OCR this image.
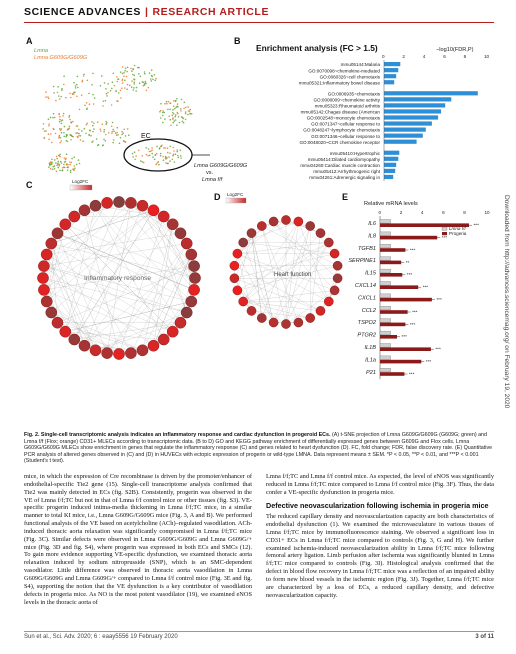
SCIENCE ADVANCES | RESEARCH ARTICLE
Downloaded from http://advances.sciencemag.org/ on February 19, 2020
A
Lmna
Lmna G609G/G609G
EC
Lmna G609G/G609G
vs.
Lmna f/f
B
Enrichment analysis (FC > 1.5)	−log10(FDR,P)
0	2	4	6	8	10
mmu05144:Malaria
GO:0070098~chemokine-mediated
GO:0060326~cell chemotaxis
mmu05321:Inflammatory bowel disease
GO:0006935~chemotaxis
GO:0008009~chemokine activity
mmu05323:Rheumatoid arthritis
mmu05142:Chagas disease (American
GO:0002548~monocyte chemotaxis
GO:0071347~cellular response to
GO:0048247~lymphocyte chemotaxis
GO:0071346~cellular response to
GO:0048020~CCR chemokine receptor
mmu05410:Hypertrophic
mmu05414:Dilated cardiomyopathy
mmu04260:Cardiac muscle contraction
mmu05412:Arrhythmogenic right
mmu04261:Adrenergic signaling in
C	Log2FC
Inflammatory response
D Log2FC
Heart function
E
Relative mRNA levels
0	2	4	6	8	10
IL6	***
IL8	***
TGFB1	***
SERPINE1	**
IL15	***
CXCL14	***
CXCL1	***
CCL2	***
TSPO2	***
PTGR2	***
IL1B	***
IL1a	***
P21	***
Lmna f/f
Progeria
Fig. 2. Single-cell transcriptomic analysis indicates an inflammatory response and cardiac dysfunction in progeroid ECs. (A) t-SNE projection of Lmna G609G/G609G (G609G; green) and Lmna f/f (Flox; orange) CD31+ MLECs according to transcriptomic data. (B to D) GO and KEGG pathway enrichment of differentially expressed genes between G609G and Flox cells. Lmna G609G/G609G MLECs show enrichment in genes that regulate the inflammatory response (C) and genes related to heart dysfunction (D). FC, fold change; FDR, false discovery rate. (E) Quantitative PCR analysis of altered genes observed in (C) and (D) in HUVECs with ectopic expression of progerin or wild-type LMNA. Data represent means ± SEM. *P < 0.05, **P < 0.01, and ***P < 0.001 (Student’s t test).

mice, in which the expression of Cre recombinase is driven by the promoter/enhancer of endothelial-specific Tie2 gene (15). Single-cell transcriptome analysis confirmed that Tie2 was mainly detected in ECs (fig. S2B). Consistently, progerin was observed in the VE of Lmna f/f;TC but not in that of Lmna f/f control mice or other tissues (fig. S3). VE-specific progerin induced intima-media thickening in Lmna f/f;TC mice, in a similar manner to total KI mice, i.e., Lmna G609G/G609G mice (Fig. 3, A and B). We performed functional analysis of the VE based on acetylcholine (ACh)–regulated vasodilation. ACh-induced thoracic aorta relaxation was significantly compromised in Lmna f/f;TC mice (Fig. 3C). Similar defects were observed in Lmna G609G/G609G and Lmna G609G/+ mice (Fig. 3D and fig. S4), where progerin was expressed in both ECs and SMCs (12). To gain more evidence supporting VE-specific dysfunction, we examined thoracic aorta relaxation induced by sodium nitroprusside (SNP), which is an SMC-dependent vasodilator. Little difference was observed in thoracic aorta vasodilation in Lmna G609G/G609G and Lmna G609G/+ compared to Lmna f/f control mice (Fig. 3E and fig. S4), supporting the notion that the VE dysfunction is a key contributor of vasodilation defects in progeria mice. As NO is the most potent vasodilator (19), we examined eNOS levels in the thoracic aorta of

Lmna f/f;TC and Lmna f/f control mice. As expected, the level of eNOS was significantly reduced in Lmna f/f;TC mice compared to Lmna f/f control mice (Fig. 3F). Thus, the data confer a VE-specific dysfunction in progeria mice.

Defective neovascularization following ischemia in progeria mice

The reduced capillary density and neovascularization capacity are both characteristics of endothelial dysfunction (1). We examined the microvasculature in various tissues of Lmna f/f;TC mice by immunofluorescence staining. We observed a significant loss in CD31+ ECs in Lmna f/f;TC mice compared to controls (Fig. 3, G and H). We further examined ischemia-induced neovascularization ability in Lmna f/f;TC mice following femoral artery ligation. Limb perfusion after ischemia was significantly blunted in Lmna f/f;TC mice compared to controls (Fig. 3I). Histological analysis confirmed that the defect in blood flow recovery in Lmna f/f;TC mice was a reflection of an impaired ability to form new blood vessels in the ischemic region (Fig. 3J). Together, Lmna f/f;TC mice are characterized by a loss of ECs, a reduced capillary density, and defective neovascularization capacity.

Sun et al., Sci. Adv. 2020; 6 : eaay5556 19 February 2020	3 of 11
